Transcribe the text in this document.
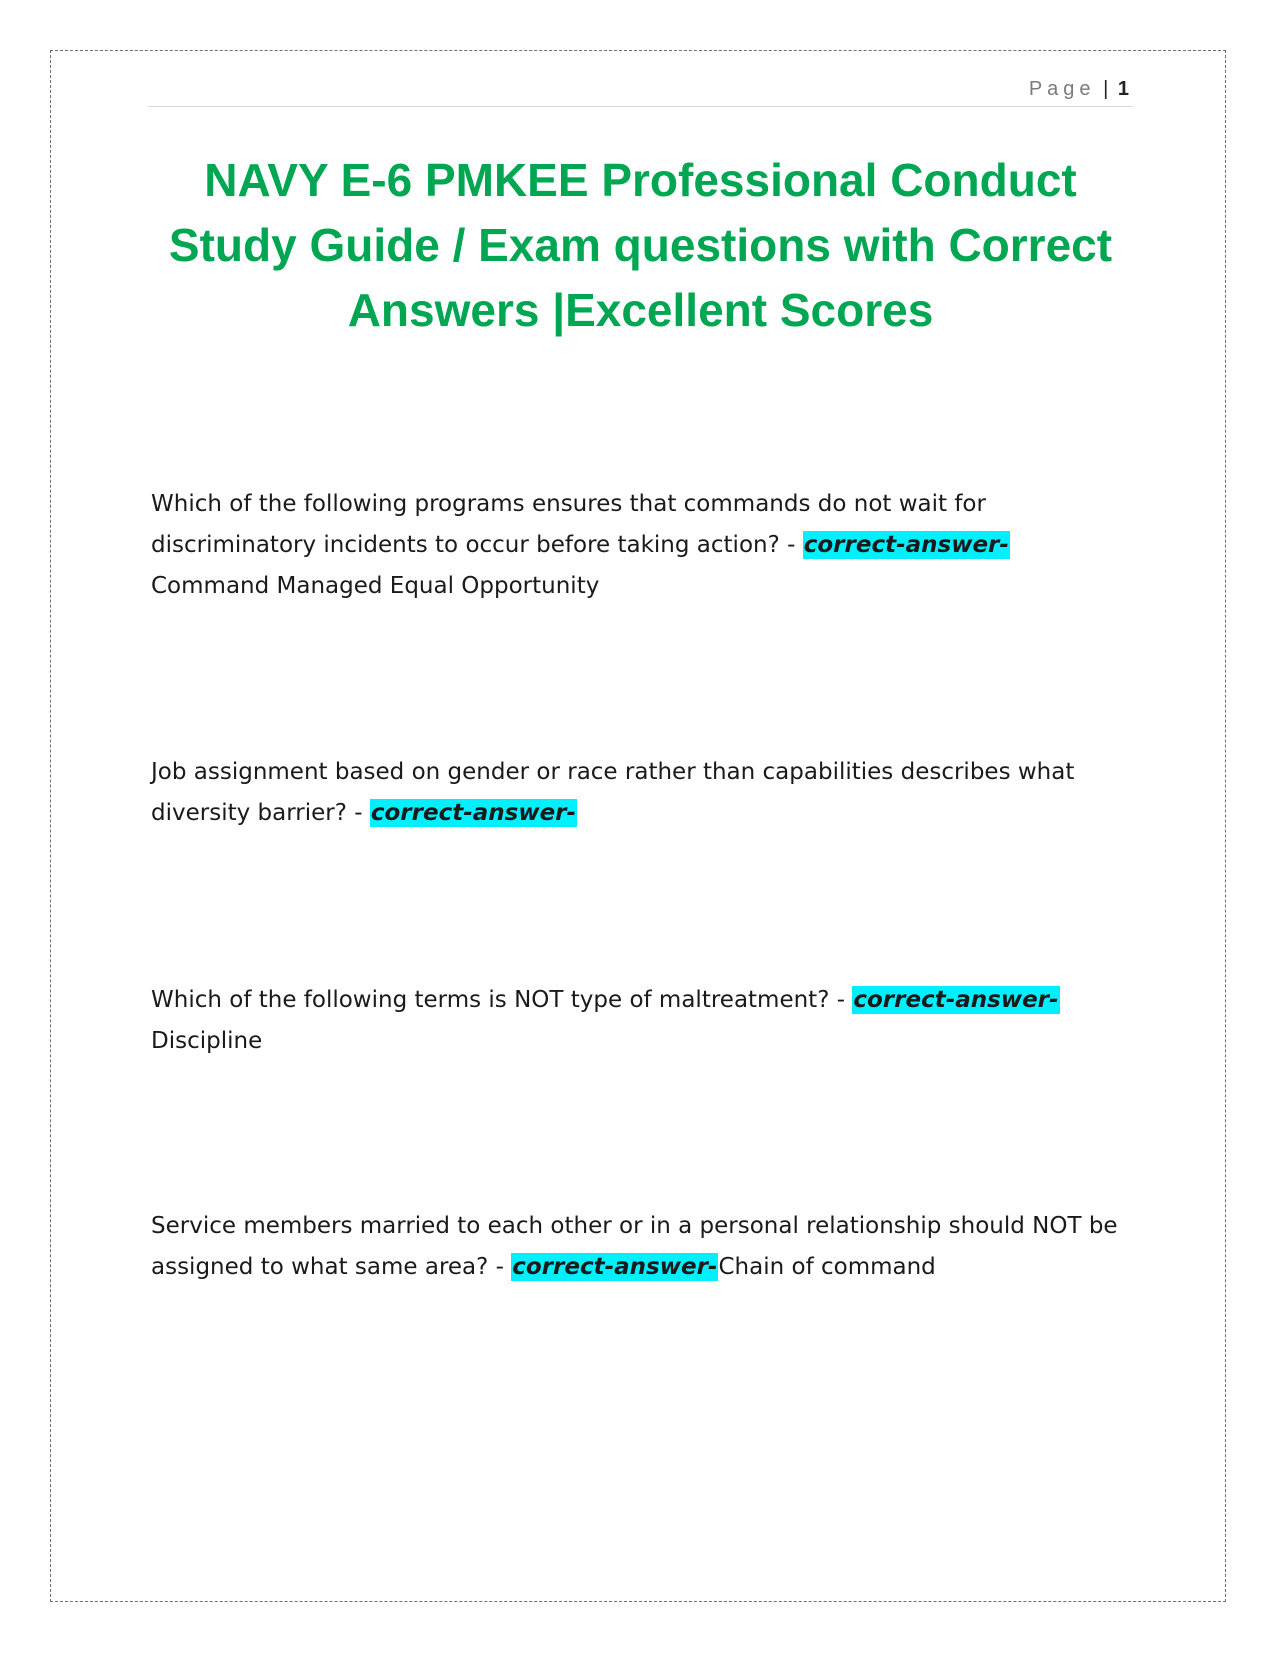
Page | 1
NAVY E-6 PMKEE Professional Conduct
Study Guide / Exam questions with Correct
Answers |Excellent Scores

Which of the following programs ensures that commands do not wait for discriminatory incidents to occur before taking action? - correct-answer-
Command Managed Equal Opportunity

Job assignment based on gender or race rather than capabilities describes what diversity barrier? - correct-answer-

Which of the following terms is NOT type of maltreatment? - correct-answer-
Discipline

Service members married to each other or in a personal relationship should NOT be assigned to what same area? - correct-answer-Chain of command
